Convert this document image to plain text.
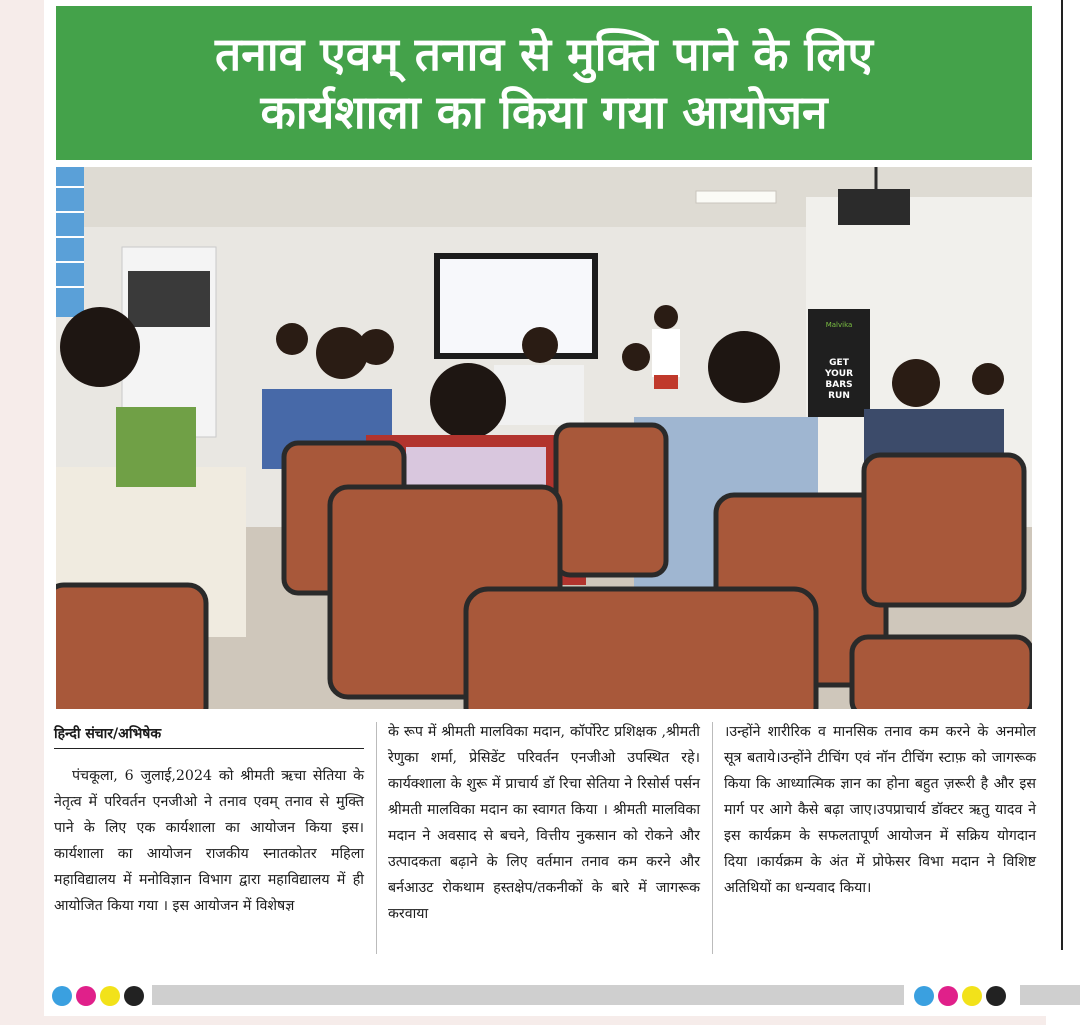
तनाव एवम् तनाव से मुक्ति पाने के लिए
कार्यशाला का किया गया आयोजन
Malvika
GET
YOUR
BARS
RUN
हिन्दी संचार/अभिषेक

पंचकूला, 6 जुलाई,2024 को श्रीमती ऋचा सेतिया के नेतृत्व में परिवर्तन एनजीओ ने तनाव एवम् तनाव से मुक्ति पाने के लिए एक कार्यशाला का आयोजन किया इस। कार्यशाला का आयोजन राजकीय स्नातकोतर महिला महाविद्यालय में मनोविज्ञान विभाग द्वारा महाविद्यालय में ही आयोजित किया गया । इस आयोजन में विशेषज्ञ

के रूप में श्रीमती मालविका मदान, कॉर्पोरेट प्रशिक्षक ,श्रीमती रेणुका शर्मा, प्रेसिडेंट परिवर्तन एनजीओ उपस्थित रहे।कार्यक्शाला के शुरू में प्राचार्य डॉ रिचा सेतिया ने रिसोर्स पर्सन श्रीमती मालविका मदान का स्वागत किया । श्रीमती मालविका मदान ने अवसाद से बचने, वित्तीय नुकसान को रोकने और उत्पादकता बढ़ाने के लिए वर्तमान तनाव कम करने और बर्नआउट रोकथाम हस्तक्षेप/तकनीकों के बारे में जागरूक करवाया

।उन्होंने शारीरिक व मानसिक तनाव कम करने के अनमोल सूत्र बताये।उन्होंने टीचिंग एवं नॉन टीचिंग स्टाफ़ को जागरूक किया कि आध्यात्मिक ज्ञान का होना बहुत ज़रूरी है और इस मार्ग पर आगे कैसे बढ़ा जाए।उपप्राचार्य डॉक्टर ऋतु यादव ने इस कार्यक्रम के सफलतापूर्ण आयोजन में सक्रिय योगदान दिया ।कार्यक्रम के अंत में प्रोफेसर विभा मदान ने विशिष्ट अतिथियों का धन्यवाद किया।
